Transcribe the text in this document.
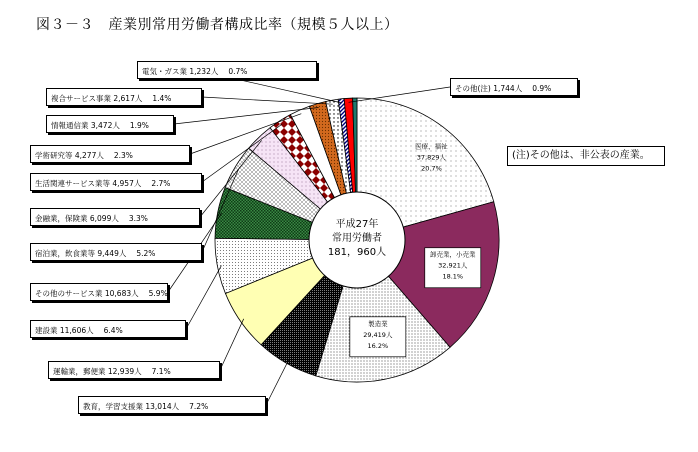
図３－３　産業別常用労働者構成比率（規模５人以上）
医療，福祉
37,829人
20.7%
卸売業，小売業
32,921人
18.1%
製造業
29,419人
16.2%
平成27年
常用労働者
181，960人
教育，学習支援業 13,014人 7.2%
運輸業，郵便業 12,939人 7.1%
建設業 11,606人 6.4%
その他のサービス業 10,683人 5.9%
宿泊業，飲食業等 9,449人 5.2%
金融業，保険業 6,099人 3.3%
生活関連サービス業等 4,957人 2.7%
学術研究等 4,277人 2.3%
情報通信業 3,472人 1.9%
複合サービス事業 2,617人 1.4%
電気・ガス業 1,232人 0.7%
その他(注) 1,744人 0.9%
(注)その他は、非公表の産業。
